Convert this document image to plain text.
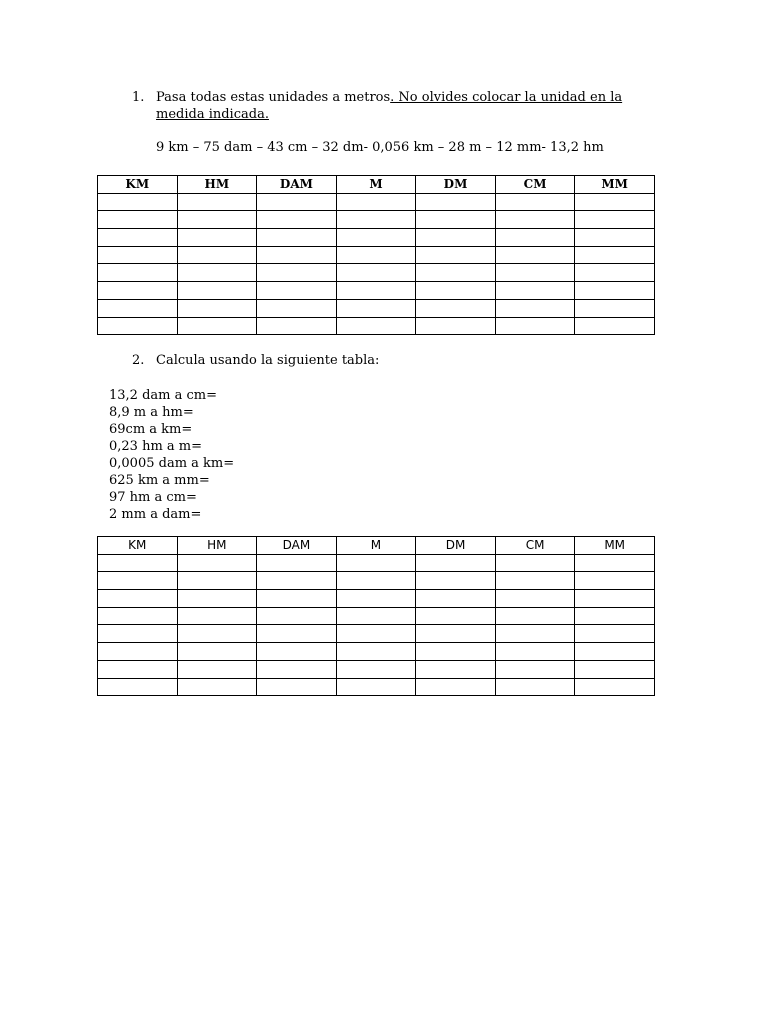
1. Pasa todas estas unidades a metros. No olvides colocar la unidad en la medida indicada.
9 km – 75 dam – 43 cm – 32 dm- 0,056 km – 28 m – 12 mm- 13,2 hm
KM	HM	DAM	M	DM	CM	MM

2. Calcula usando la siguiente tabla:
13,2 dam a cm=
8,9 m a hm=
69cm a km=
0,23 hm a m=
0,0005 dam a km=
625 km a mm=
97 hm a cm=
2 mm a dam=
KM	HM	DAM	M	DM	CM	MM
